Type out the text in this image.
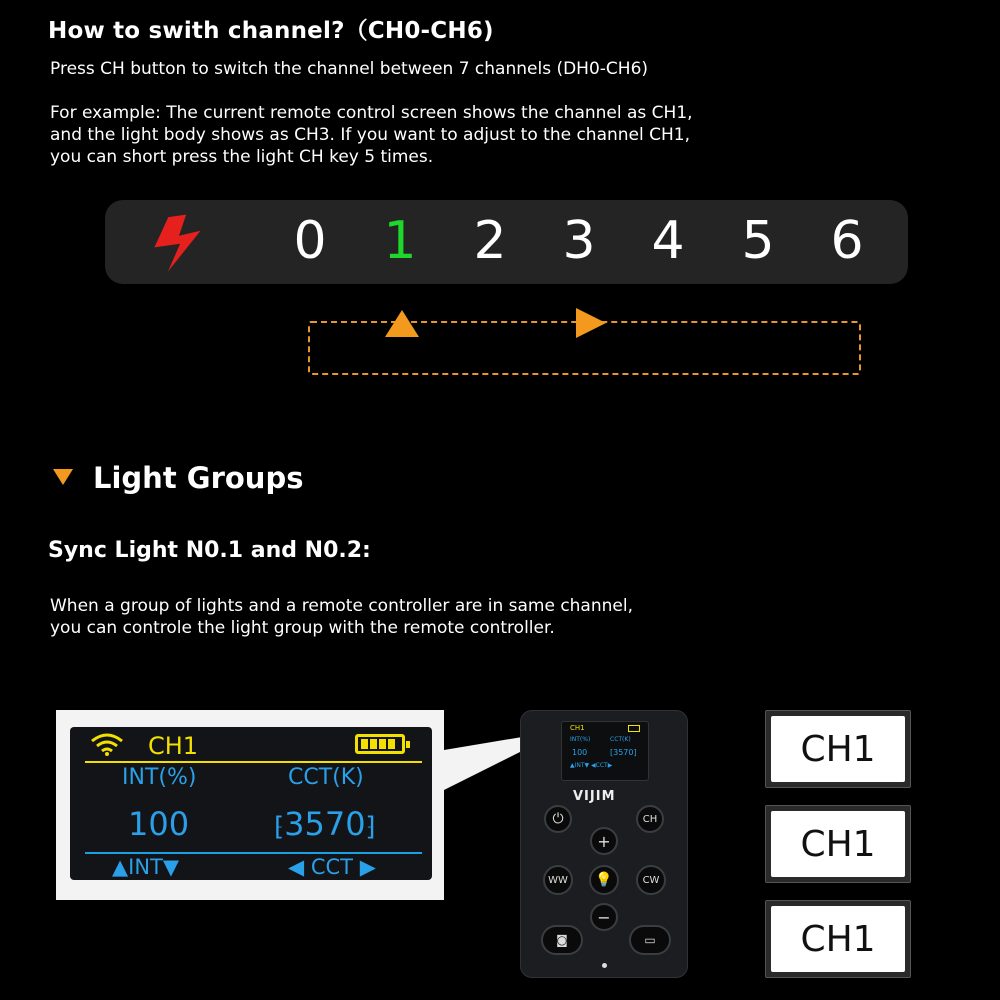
How to swith channel?（CH0-CH6)
Press CH button to switch the channel between 7 channels (DH0-CH6)
For example: The current remote control screen shows the channel as CH1,
and the light body shows as CH3. If you want to adjust to the channel CH1,
you can short press the light CH key 5 times.
0 1 2 3 4 5 6
Light Groups
Sync Light N0.1 and N0.2:
When a group of lights and a remote controller are in same channel,
you can controle the light group with the remote controller.
CH1
INT(%)	CCT(K)
100	⁅3570⁆
▲INT▼	◀ CCT ▶
CH1
INT(%)	CCT(K)
100	[3570]
▲INT▼ ◀CCT▶
VIJIM
⏻	CH
+
WW	💡	CW
−
◙	▭
CH1
CH1
CH1
